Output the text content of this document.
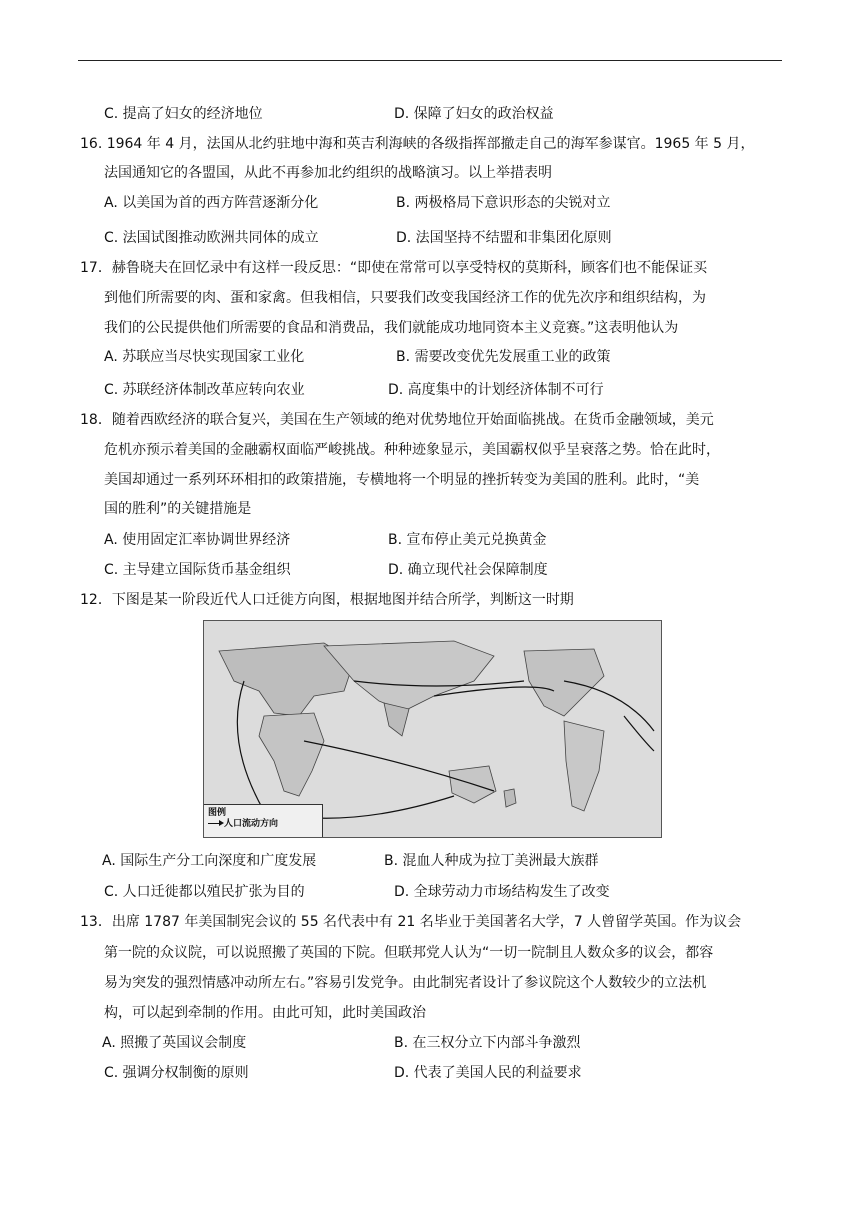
C. 提高了妇女的经济地位	D. 保障了妇女的政治权益
16. 1964 年 4 月，法国从北约驻地中海和英吉利海峡的各级指挥部撤走自己的海军参谋官。1965 年 5 月，
法国通知它的各盟国，从此不再参加北约组织的战略演习。以上举措表明
A. 以美国为首的西方阵营逐渐分化	B. 两极格局下意识形态的尖锐对立
C. 法国试图推动欧洲共同体的成立	D. 法国坚持不结盟和非集团化原则
17．赫鲁晓夫在回忆录中有这样一段反思：“即使在常常可以享受特权的莫斯科，顾客们也不能保证买
到他们所需要的肉、蛋和家禽。但我相信，只要我们改变我国经济工作的优先次序和组织结构，为
我们的公民提供他们所需要的食品和消费品，我们就能成功地同资本主义竞赛。”这表明他认为
A. 苏联应当尽快实现国家工业化	B. 需要改变优先发展重工业的政策
C. 苏联经济体制改革应转向农业	D. 高度集中的计划经济体制不可行
18．随着西欧经济的联合复兴，美国在生产领域的绝对优势地位开始面临挑战。在货币金融领域，美元
危机亦预示着美国的金融霸权面临严峻挑战。种种迹象显示，美国霸权似乎呈衰落之势。恰在此时，
美国却通过一系列环环相扣的政策措施，专横地将一个明显的挫折转变为美国的胜利。此时，“美
国的胜利”的关键措施是
A. 使用固定汇率协调世界经济	B. 宣布停止美元兑换黄金
C. 主导建立国际货币基金组织	D. 确立现代社会保障制度
12．下图是某一阶段近代人口迁徙方向图，根据地图并结合所学，判断这一时期
图例
人口流动方向
A. 国际生产分工向深度和广度发展	B. 混血人种成为拉丁美洲最大族群
C. 人口迁徙都以殖民扩张为目的	D. 全球劳动力市场结构发生了改变
13．出席 1787 年美国制宪会议的 55 名代表中有 21 名毕业于美国著名大学，7 人曾留学英国。作为议会
第一院的众议院，可以说照搬了英国的下院。但联邦党人认为“一切一院制且人数众多的议会，都容
易为突发的强烈情感冲动所左右。”容易引发党争。由此制宪者设计了参议院这个人数较少的立法机
构，可以起到牵制的作用。由此可知，此时美国政治
A. 照搬了英国议会制度	B. 在三权分立下内部斗争激烈
C. 强调分权制衡的原则	D. 代表了美国人民的利益要求
